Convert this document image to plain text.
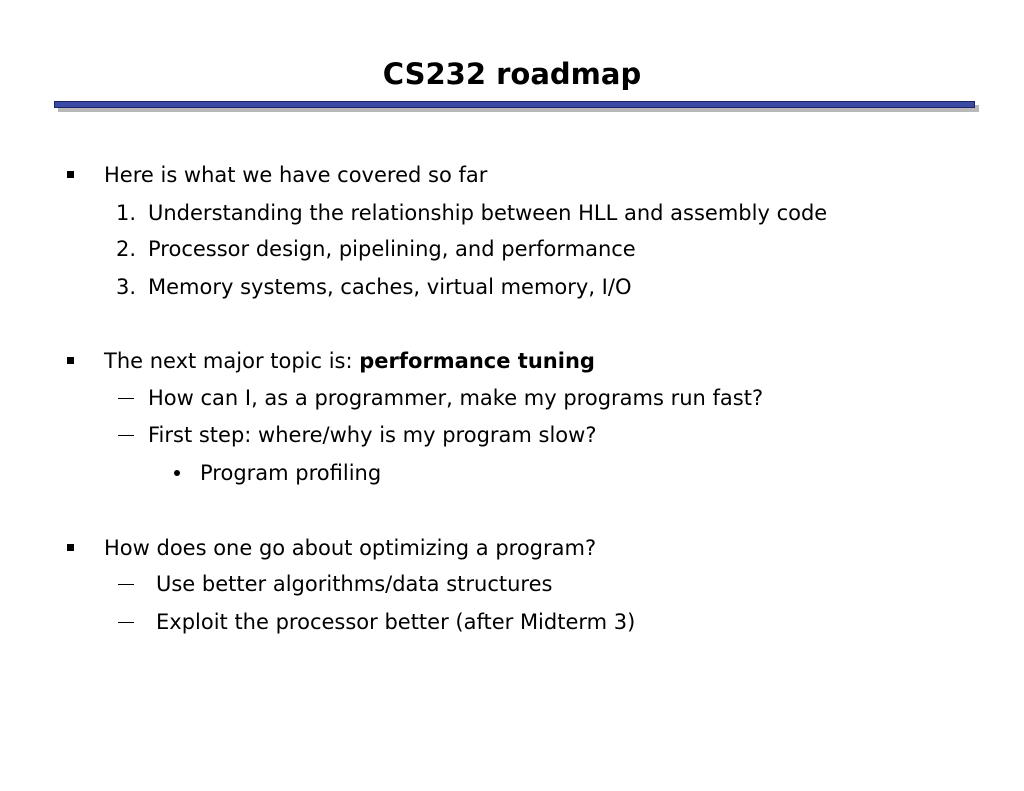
CS232 roadmap
Here is what we have covered so far
1. Understanding the relationship between HLL and assembly code
2. Processor design, pipelining, and performance
3. Memory systems, caches, virtual memory, I/O
The next major topic is: performance tuning
How can I, as a programmer, make my programs run fast?
First step: where/why is my program slow?
Program profiling
How does one go about optimizing a program?
Use better algorithms/data structures
Exploit the processor better (after Midterm 3)
